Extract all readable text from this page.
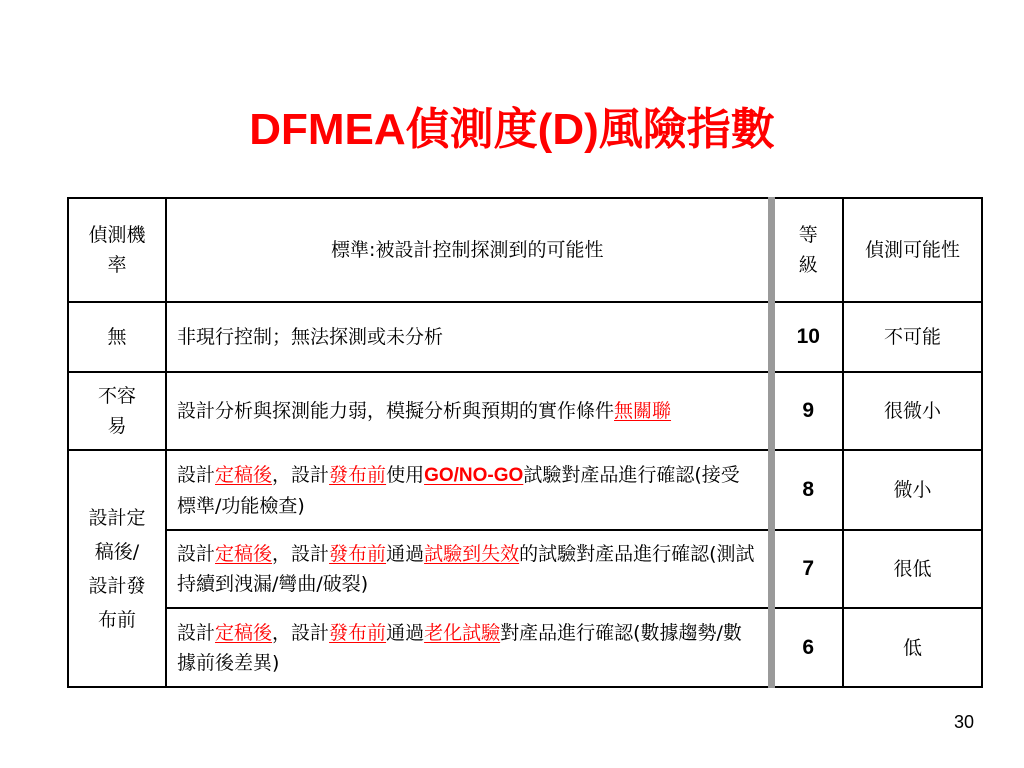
DFMEA偵測度(D)風險指數
偵測機率	標準:被設計控制探測到的可能性	等級	偵測可能性
無	非現行控制；無法探測或未分析	10	不可能
不容易	設計分析與探測能力弱，模擬分析與預期的實作條件無關聯	9	很微小
設計定稿後/設計發布前	設計定稿後，設計發布前使用GO/NO-GO試驗對產品進行確認(接受標準/功能檢查)	8	微小
	設計定稿後，設計發布前通過試驗到失效的試驗對產品進行確認(測試持續到洩漏/彎曲/破裂)	7	很低
	設計定稿後，設計發布前通過老化試驗對產品進行確認(數據趨勢/數據前後差異)	6	低
30
